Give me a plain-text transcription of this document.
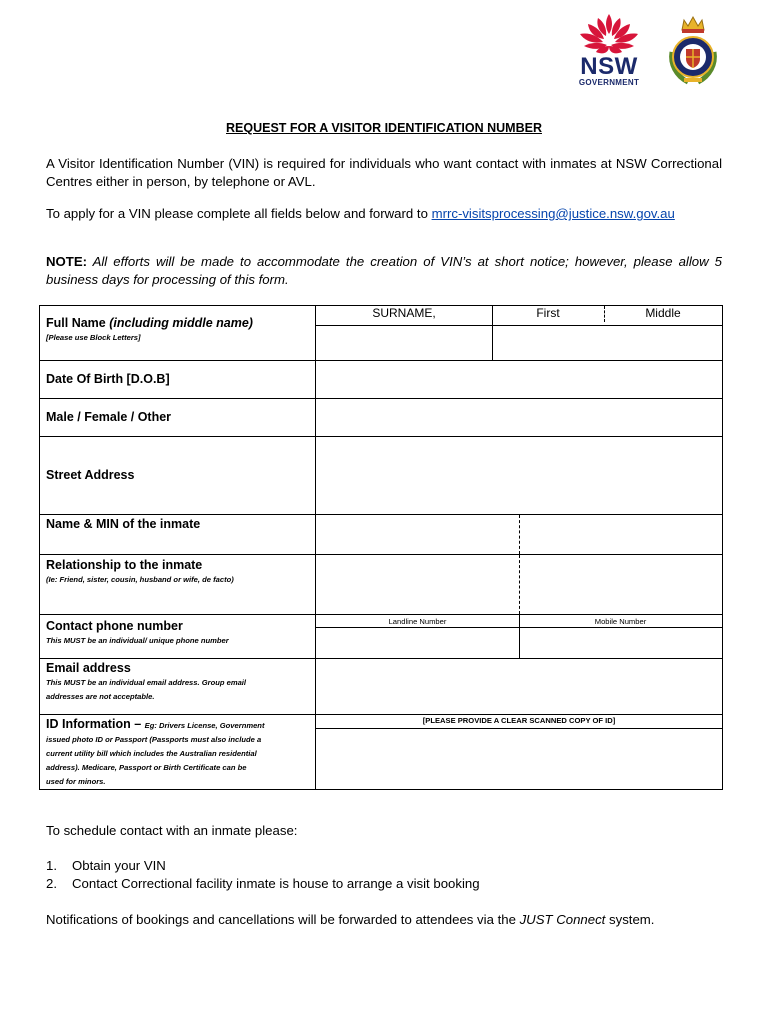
NSW
GOVERNMENT
REQUEST FOR A VISITOR IDENTIFICATION NUMBER
A Visitor Identification Number (VIN) is required for individuals who want contact with inmates at NSW Correctional Centres either in person, by telephone or AVL.
To apply for a VIN please complete all fields below and forward to mrrc-visitsprocessing@justice.nsw.gov.au
NOTE: All efforts will be made to accommodate the creation of VIN’s at short notice; however, please allow 5 business days for processing of this form.
Full Name (including middle name)
[Please use Block Letters]
SURNAME,	First	Middle
Date Of Birth [D.O.B]
Male / Female / Other
Street Address
Name & MIN of the inmate
Relationship to the inmate
(Ie: Friend, sister, cousin, husband or wife, de facto)
Contact phone number
This MUST be an individual/ unique phone number
Landline Number	Mobile Number
Email address
This MUST be an individual email address. Group email
addresses are not acceptable.
ID Information – Eg: Drivers License, Government
issued photo ID or Passport (Passports must also include a
current utility bill which includes the Australian residential
address). Medicare, Passport or Birth Certificate can be
used for minors.
[PLEASE PROVIDE A CLEAR SCANNED COPY OF ID]
To schedule contact with an inmate please:
1. Obtain your VIN
2. Contact Correctional facility inmate is house to arrange a visit booking
Notifications of bookings and cancellations will be forwarded to attendees via the JUST Connect system.
